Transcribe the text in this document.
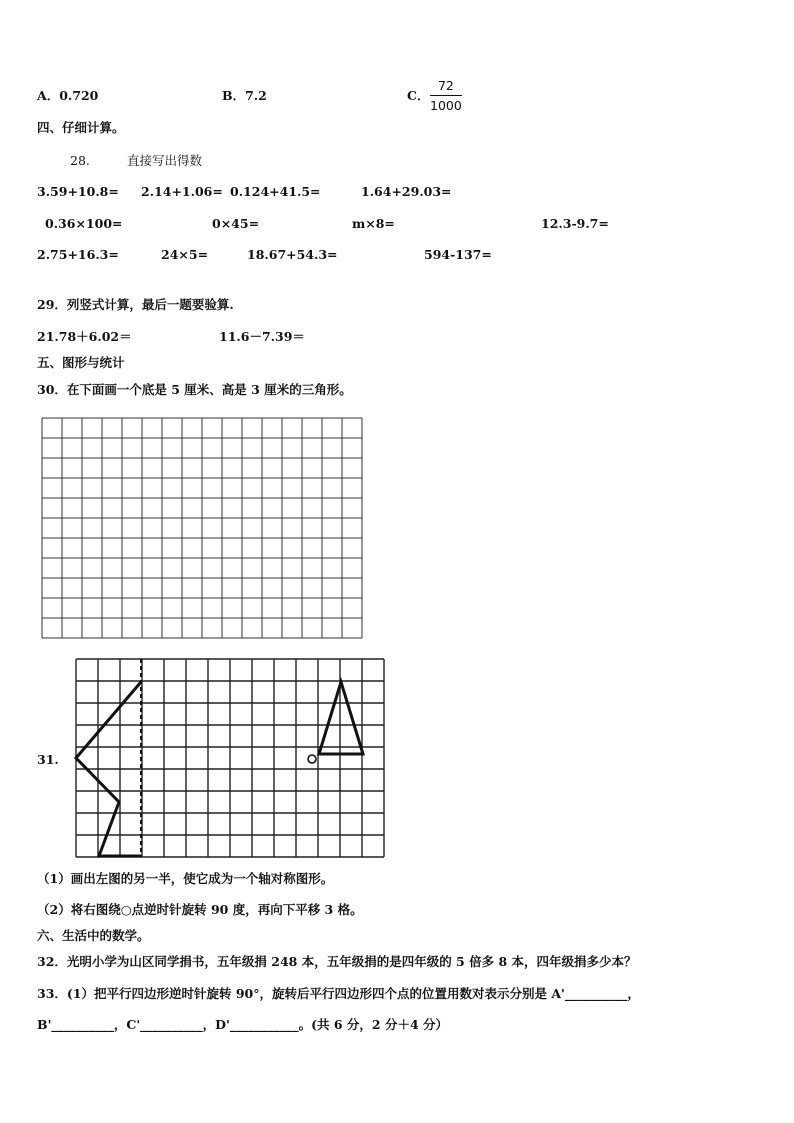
A．0.720	B．7.2	C． $\frac{72}{1000}$
四、仔细计算。
28.	直接写出得数
3.59+10.8= 2.14+1.06= 0.124+41.5=	1.64+29.03=
0.36×100=	0×45=	m×8=	12.3-9.7=
2.75+16.3=	24×5=	18.67+54.3=	594-137=
29．列竖式计算，最后一题要验算.
21.78＋6.02＝	11.6－7.39＝
五、图形与统计
30．在下面画一个底是 5 厘米、高是 3 厘米的三角形。
31.
（1）画出左图的另一半，使它成为一个轴对称图形。
（2）将右图绕○点逆时针旋转 90 度，再向下平移 3 格。
六、生活中的数学。
32．光明小学为山区同学捐书，五年级捐 248 本，五年级捐的是四年级的 5 倍多 8 本，四年级捐多少本？
33．(1）把平行四边形逆时针旋转 90°，旋转后平行四边形四个点的位置用数对表示分别是 A'__________，
B'__________，C'__________，D'___________。(共 6 分，2 分＋4 分）
